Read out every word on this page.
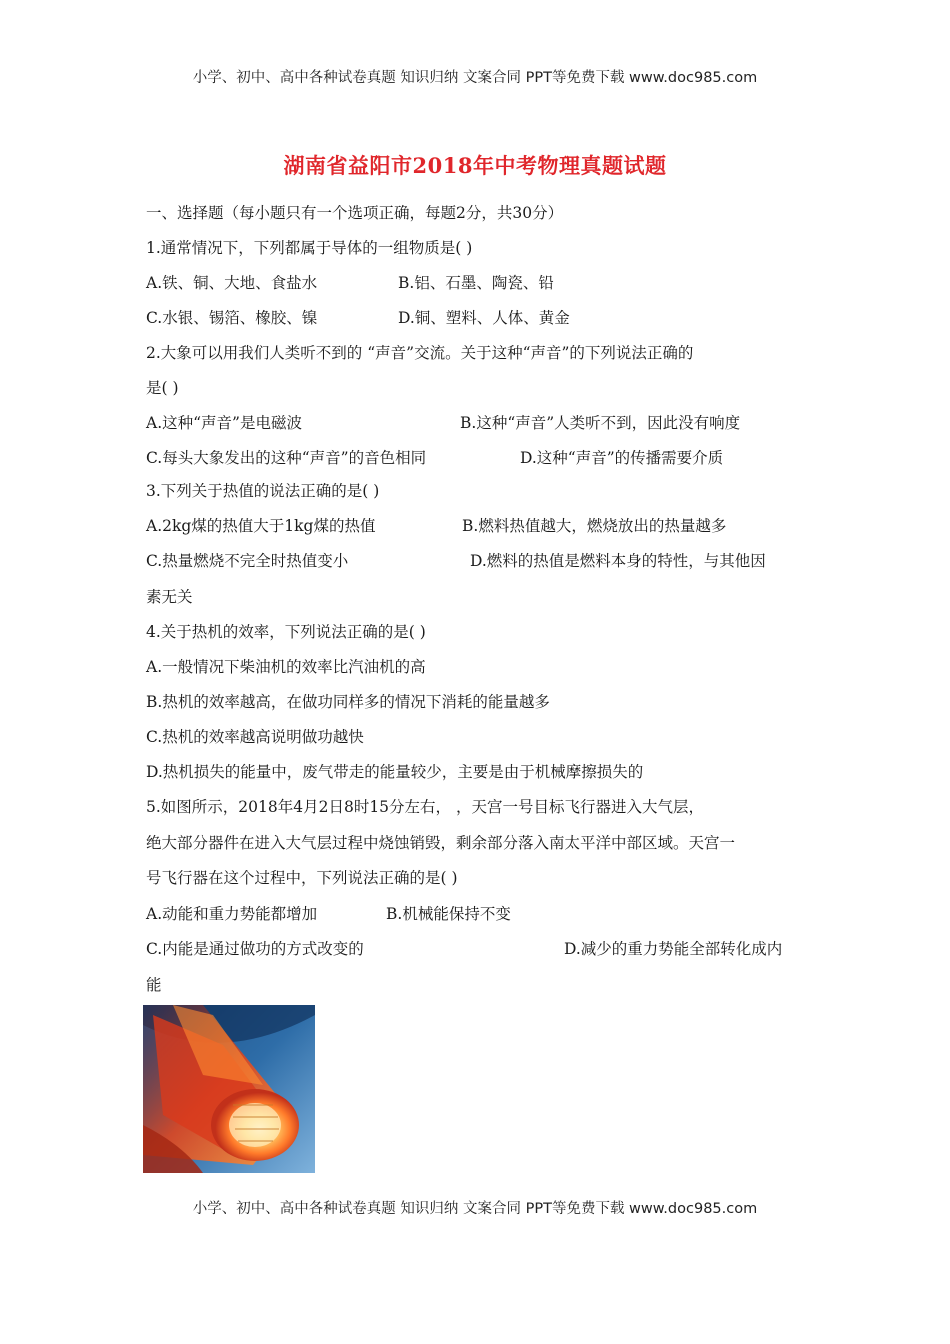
小学、初中、高中各种试卷真题 知识归纳 文案合同 PPT等免费下载 www.doc985.com
湖南省益阳市2018年中考物理真题试题
一、选择题（每小题只有一个选项正确，每题2分，共30分）
1.通常情况下，下列都属于导体的一组物质是( )
A.铁、铜、大地、食盐水	B.铝、石墨、陶瓷、铅
C.水银、锡箔、橡胶、镍	D.铜、塑料、人体、黄金
2.大象可以用我们人类听不到的 “声音”交流。关于这种“声音”的下列说法正确的
是( )
A.这种“声音”是电磁波	B.这种“声音”人类听不到，因此没有响度
C.每头大象发出的这种“声音”的音色相同	D.这种“声音”的传播需要介质
3.下列关于热值的说法正确的是( )
A.2kg煤的热值大于1kg煤的热值	B.燃料热值越大，燃烧放出的热量越多
C.热量燃烧不完全时热值变小	D.燃料的热值是燃料本身的特性，与其他因
素无关
4.关于热机的效率，下列说法正确的是( )
A.一般情况下柴油机的效率比汽油机的高
B.热机的效率越高，在做功同样多的情况下消耗的能量越多
C.热机的效率越高说明做功越快
D.热机损失的能量中，废气带走的能量较少，主要是由于机械摩擦损失的
5.如图所示，2018年4月2日8时15分左右， ，天宫一号目标飞行器进入大气层，
绝大部分器件在进入大气层过程中烧蚀销毁，剩余部分落入南太平洋中部区域。天宫一
号飞行器在这个过程中，下列说法正确的是( )
A.动能和重力势能都增加	B.机械能保持不变
C.内能是通过做功的方式改变的	D.减少的重力势能全部转化成内
能
小学、初中、高中各种试卷真题 知识归纳 文案合同 PPT等免费下载 www.doc985.com
